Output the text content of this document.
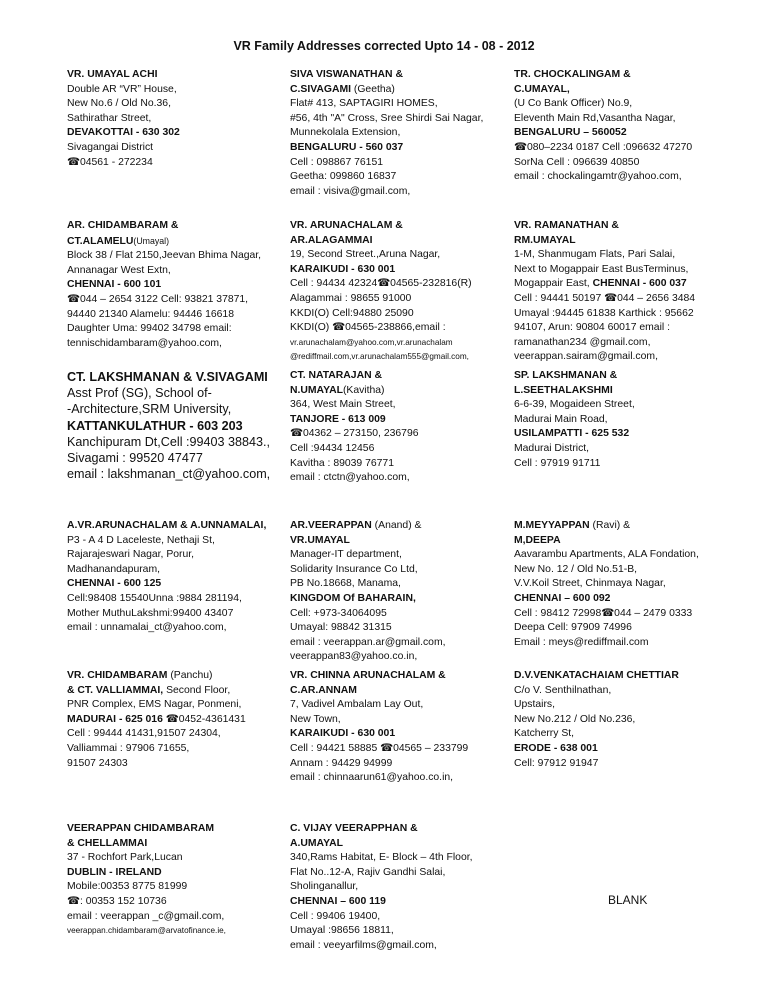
VR Family Addresses corrected Upto 14 - 08 - 2012
VR. UMAYAL ACHI
Double AR “VR” House,
New No.6 / Old No.36,
Sathirathar Street,
DEVAKOTTAI - 630 302
Sivagangai District
☎04561 - 272234
SIVA VISWANATHAN &
C.SIVAGAMI (Geetha)
Flat# 413, SAPTAGIRI HOMES,
#56, 4th "A" Cross, Sree Shirdi Sai Nagar,
Munnekolala Extension,
BENGALURU - 560 037
Cell : 098867 76151
Geetha: 099860 16837
email : visiva@gmail.com,
TR. CHOCKALINGAM &
C.UMAYAL,
(U Co Bank Officer) No.9,
Eleventh Main Rd,Vasantha Nagar,
BENGALURU – 560052
☎080–2234 0187 Cell :096632 47270
SorNa Cell : 096639 40850
email : chockalingamtr@yahoo.com,
AR. CHIDAMBARAM &
CT.ALAMELU(Umayal)
Block 38 / Flat 2150,Jeevan Bhima Nagar,
Annanagar West Extn,
CHENNAI - 600 101
☎044 – 2654 3122 Cell: 93821 37871,
94440 21340 Alamelu: 94446 16618
Daughter Uma: 99402 34798 email:
tennischidambaram@yahoo.com,
VR. ARUNACHALAM &
AR.ALAGAMMAI
19, Second Street.,Aruna Nagar,
KARAIKUDI - 630 001
Cell : 94434 42324☎04565-232816(R)
Alagammai : 98655 91000
KKDI(O) Cell:94880 25090
KKDI(O) ☎04565-238866,email :
vr.arunachalam@yahoo.com,vr.arunachalam
@rediffmail.com,vr.arunachalam555@gmail.com,
VR. RAMANATHAN &
RM.UMAYAL
1-M, Shanmugam Flats, Pari Salai,
Next to Mogappair East BusTerminus,
Mogappair East, CHENNAI - 600 037
Cell : 94441 50197 ☎044 – 2656 3484
Umayal :94445 61838 Karthick : 95662
94107, Arun: 90804 60017 email :
ramanathan234 @gmail.com,
veerappan.sairam@gmail.com,
CT. LAKSHMANAN & V.SIVAGAMI
Asst Prof (SG), School of-
-Architecture,SRM University,
KATTANKULATHUR - 603 203
Kanchipuram Dt,Cell :99403 38843.,
Sivagami : 99520 47477
email : lakshmanan_ct@yahoo.com,
CT. NATARAJAN &
N.UMAYAL(Kavitha)
364, West Main Street,
TANJORE - 613 009
☎04362 – 273150, 236796
Cell :94434 12456
Kavitha : 89039 76771
email : ctctn@yahoo.com,
SP. LAKSHMANAN &
L.SEETHALAKSHMI
6-6-39, Mogaideen Street,
Madurai Main Road,
USILAMPATTI - 625 532
Madurai District,
Cell : 97919 91711
A.VR.ARUNACHALAM & A.UNNAMALAI,
P3 - A 4 D Laceleste, Nethaji St,
Rajarajeswari Nagar, Porur,
Madhanandapuram,
CHENNAI - 600 125
Cell:98408 15540Unna :9884 281194,
Mother MuthuLakshmi:99400 43407
email : unnamalai_ct@yahoo.com,
AR.VEERAPPAN (Anand) &
VR.UMAYAL
Manager-IT department,
Solidarity Insurance Co Ltd,
PB No.18668, Manama,
KINGDOM Of BAHARAIN,
Cell: +973-34064095
Umayal: 98842 31315
email : veerappan.ar@gmail.com,
veerappan83@yahoo.co.in,
M.MEYYAPPAN (Ravi) &
M,DEEPA
Aavarambu Apartments, ALA Fondation,
New No. 12 / Old No.51-B,
V.V.Koil Street, Chinmaya Nagar,
CHENNAI – 600 092
Cell : 98412 72998☎044 – 2479 0333
Deepa Cell: 97909 74996
Email : meys@rediffmail.com
VR. CHIDAMBARAM (Panchu)
& CT. VALLIAMMAI, Second Floor,
PNR Complex, EMS Nagar, Ponmeni,
MADURAI - 625 016 ☎0452-4361431
Cell : 99444 41431,91507 24304,
Valliammai : 97906 71655,
91507 24303
VR. CHINNA ARUNACHALAM &
C.AR.ANNAM
7, Vadivel Ambalam Lay Out,
New Town,
KARAIKUDI - 630 001
Cell : 94421 58885 ☎04565 – 233799
Annam : 94429 94999
email : chinnaarun61@yahoo.co.in,
D.V.VENKATACHAIAM CHETTIAR
C/o V. Senthilnathan,
Upstairs,
New No.212 / Old No.236,
Katcherry St,
ERODE - 638 001
Cell: 97912 91947
VEERAPPAN CHIDAMBARAM
& CHELLAMMAI
37 - Rochfort Park,Lucan
DUBLIN - IRELAND
Mobile:00353 8775 81999
☎: 00353 152 10736
email : veerappan _c@gmail.com,
veerappan.chidambaram@arvatofinance.ie,
C. VIJAY VEERAPPHAN &
A.UMAYAL
340,Rams Habitat, E- Block – 4th Floor,
Flat No..12-A, Rajiv Gandhi Salai,
Sholinganallur,
CHENNAI – 600 119
Cell : 99406 19400,
Umayal :98656 18811,
email : veeyarfilms@gmail.com,
BLANK
